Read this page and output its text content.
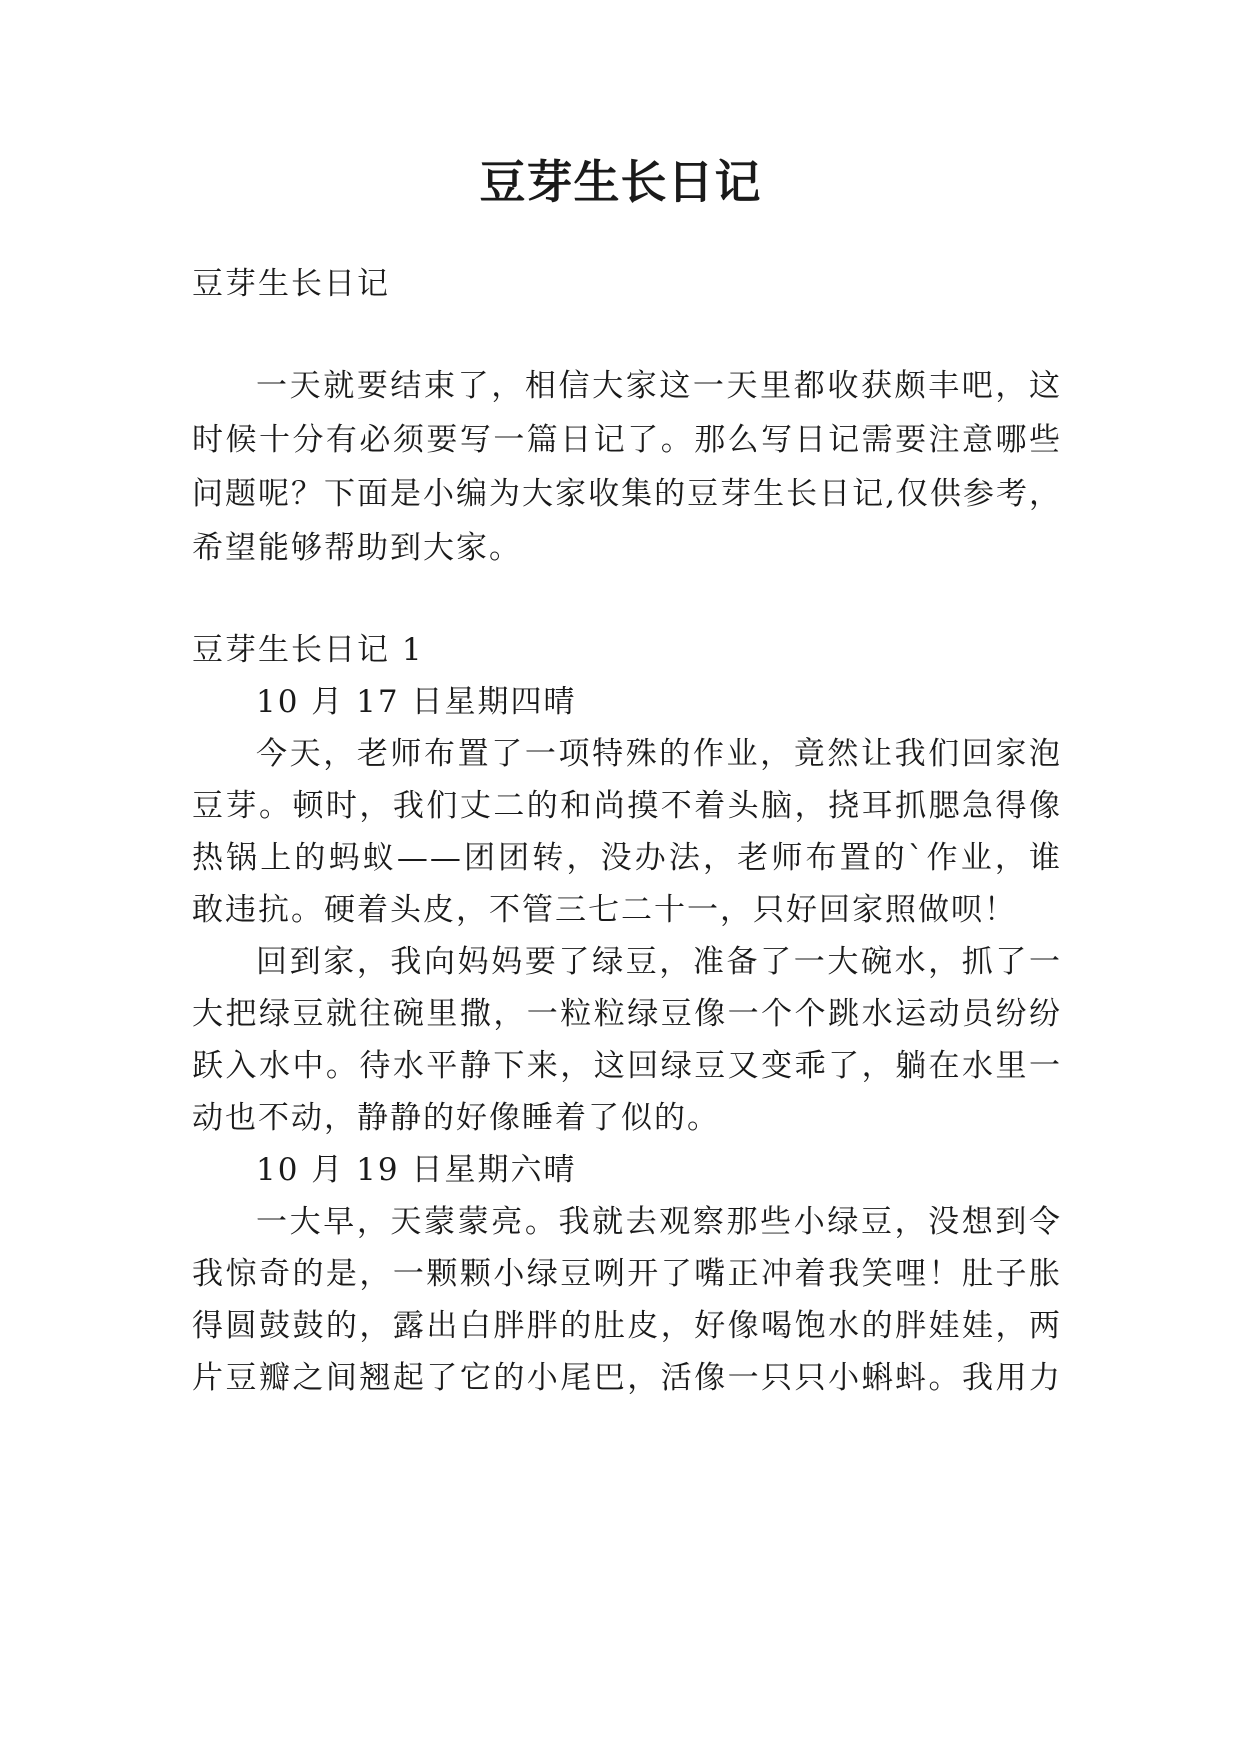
豆芽生长日记

豆芽生长日记

一天就要结束了，相信大家这一天里都收获颇丰吧，这

时候十分有必须要写一篇日记了。那么写日记需要注意哪些

问题呢？下面是小编为大家收集的豆芽生长日记,仅供参考，

希望能够帮助到大家。

豆芽生长日记 1

10 月 17 日星期四晴

今天，老师布置了一项特殊的作业，竟然让我们回家泡

豆芽。顿时，我们丈二的和尚摸不着头脑，挠耳抓腮急得像

热锅上的蚂蚁——团团转，没办法，老师布置的`作业，谁

敢违抗。硬着头皮，不管三七二十一，只好回家照做呗！

回到家，我向妈妈要了绿豆，准备了一大碗水，抓了一

大把绿豆就往碗里撒，一粒粒绿豆像一个个跳水运动员纷纷

跃入水中。待水平静下来，这回绿豆又变乖了，躺在水里一

动也不动，静静的好像睡着了似的。

10 月 19 日星期六晴

一大早，天蒙蒙亮。我就去观察那些小绿豆，没想到令

我惊奇的是，一颗颗小绿豆咧开了嘴正冲着我笑哩！肚子胀

得圆鼓鼓的，露出白胖胖的肚皮，好像喝饱水的胖娃娃，两

片豆瓣之间翘起了它的小尾巴，活像一只只小蝌蚪。我用力
